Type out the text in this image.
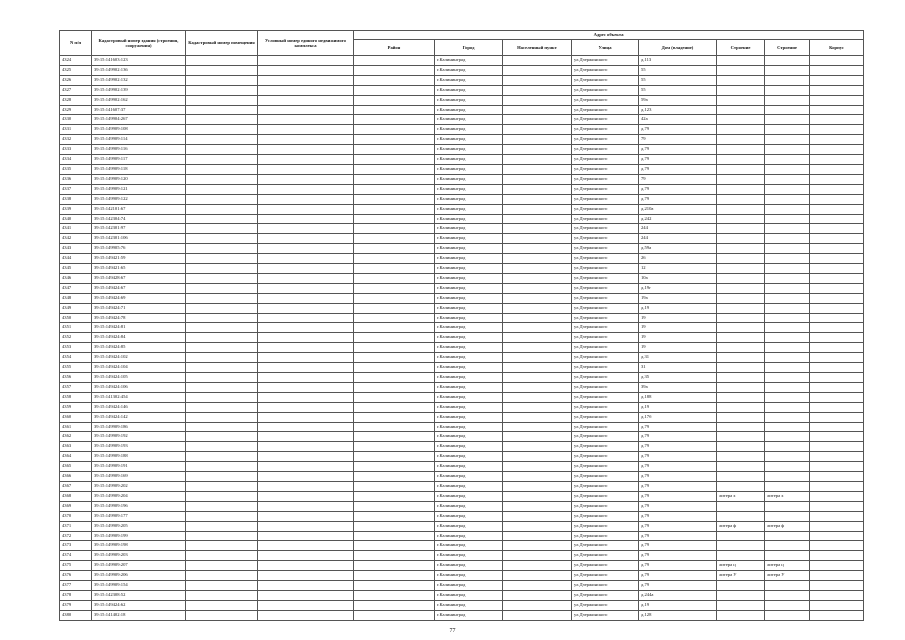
N п/п	Кадастровый номер здания (строения, сооружения)	Кадастровый номер помещения	Условный номер единого недвижимого комплекса	Адрес объекта							
				Район	Город	Населенный пункт	Улица	Дом (владение)	Строение	Строение	Корпус
4324	39:15:141603:123				г.Калининград		ул.Дзержинского	д.113			
4325	39:15:149902:136				г.Калининград		ул.Дзержинского	55			
4326	39:15:149902:132				г.Калининград		ул.Дзержинского	55			
4327	39:15:149902:139				г.Калининград		ул.Дзержинского	55			
4328	39:15:149902:162				г.Калининград		ул.Дзержинского	59а			
4329	39:15:141607:37				г.Калининград		ул.Дзержинского	д.123			
4330	39:15:149904:267				г.Калининград		ул.Дзержинского	42а			
4331	39:15:149909:108				г.Калининград		ул.Дзержинского	д.79			
4332	39:15:149909:114				г.Калининград		ул.Дзержинского	79			
4333	39:15:149909:116				г.Калининград		ул.Дзержинского	д.79			
4334	39:15:149909:117				г.Калининград		ул.Дзержинского	д.79			
4335	39:15:149909:118				г.Калининград		ул.Дзержинского	д.79			
4336	39:15:149909:120				г.Калининград		ул.Дзержинского	79			
4337	39:15:149909:121				г.Калининград		ул.Дзержинского	д.79			
4338	39:15:149909:122				г.Калининград		ул.Дзержинского	д.79			
4339	39:15:142101:67				г.Калининград		ул.Дзержинского	д.210а			
4340	39:15:142304:74				г.Калининград		ул.Дзержинского	д.242			
4341	39:15:142301:97				г.Калининград		ул.Дзержинского	244			
4342	39:15:142301:106				г.Калининград		ул.Дзержинского	244			
4343	39:15:149905:76				г.Калининград		ул.Дзержинского	д.59а			
4344	39:15:149421:59				г.Калининград		ул.Дзержинского	26			
4345	39:15:149421:65				г.Калининград		ул.Дзержинского	12			
4346	39:15:149428:67				г.Калининград		ул.Дзержинского	10а			
4347	39:15:149424:67				г.Калининград		ул.Дзержинского	д.19г			
4348	39:15:149424:69				г.Калининград		ул.Дзержинского	19а			
4349	39:15:149424:71				г.Калининград		ул.Дзержинского	д.19			
4350	39:15:149424:78				г.Калининград		ул.Дзержинского	19			
4351	39:15:149424:81				г.Калининград		ул.Дзержинского	19			
4352	39:15:149424:84				г.Калининград		ул.Дзержинского	19			
4353	39:15:149424:85				г.Калининград		ул.Дзержинского	19			
4354	39:15:149424:102				г.Калининград		ул.Дзержинского	д.31			
4355	39:15:149424:104				г.Калининград		ул.Дзержинского	31			
4356	39:15:149424:105				г.Калининград		ул.Дзержинского	д.35			
4357	39:15:149424:106				г.Калининград		ул.Дзержинского	39а			
4358	39:15:141302:454				г.Калининград		ул.Дзержинского	д.188			
4359	39:15:149424:146				г.Калининград		ул.Дзержинского	д.19			
4360	39:15:149424:142				г.Калининград		ул.Дзержинского	д.17б			
4361	39:15:149909:186				г.Калининград		ул.Дзержинского	д.79			
4362	39:15:149909:192				г.Калининград		ул.Дзержинского	д.79			
4363	39:15:149909:193				г.Калининград		ул.Дзержинского	д.79			
4364	39:15:149909:188				г.Калининград		ул.Дзержинского	д.79			
4365	39:15:149909:191				г.Калининград		ул.Дзержинского	д.79			
4366	39:15:149909:169				г.Калининград		ул.Дзержинского	д.79			
4367	39:15:149909:202				г.Калининград		ул.Дзержинского	д.79			
4368	39:15:149909:204				г.Калининград		ул.Дзержинского	д.79	литера х	литера х	
4369	39:15:149909:196				г.Калининград		ул.Дзержинского	д.79			
4370	39:15:149909:177				г.Калининград		ул.Дзержинского	д.79			
4371	39:15:149909:205				г.Калининград		ул.Дзержинского	д.79	литера ф	литера ф	
4372	39:15:149909:199				г.Калининград		ул.Дзержинского	д.79			
4373	39:15:149909:198				г.Калининград		ул.Дзержинского	д.79			
4374	39:15:149909:203				г.Калининград		ул.Дзержинского	д.79			
4375	39:15:149909:207				г.Калининград		ул.Дзержинского	д.79	литера ц	литера ц	
4376	39:15:149909:206				г.Калининград		ул.Дзержинского	д.79	литера У	литера У	
4377	39:15:149909:154				г.Калининград		ул.Дзержинского	д.79			
4378	39:15:142308:52				г.Калининград		ул.Дзержинского	д.244а			
4379	39:15:149424:62				г.Калининград		ул.Дзержинского	д.19			
4380	39:15:141402:18				г.Калининград		ул.Дзержинского	д.128			
77
